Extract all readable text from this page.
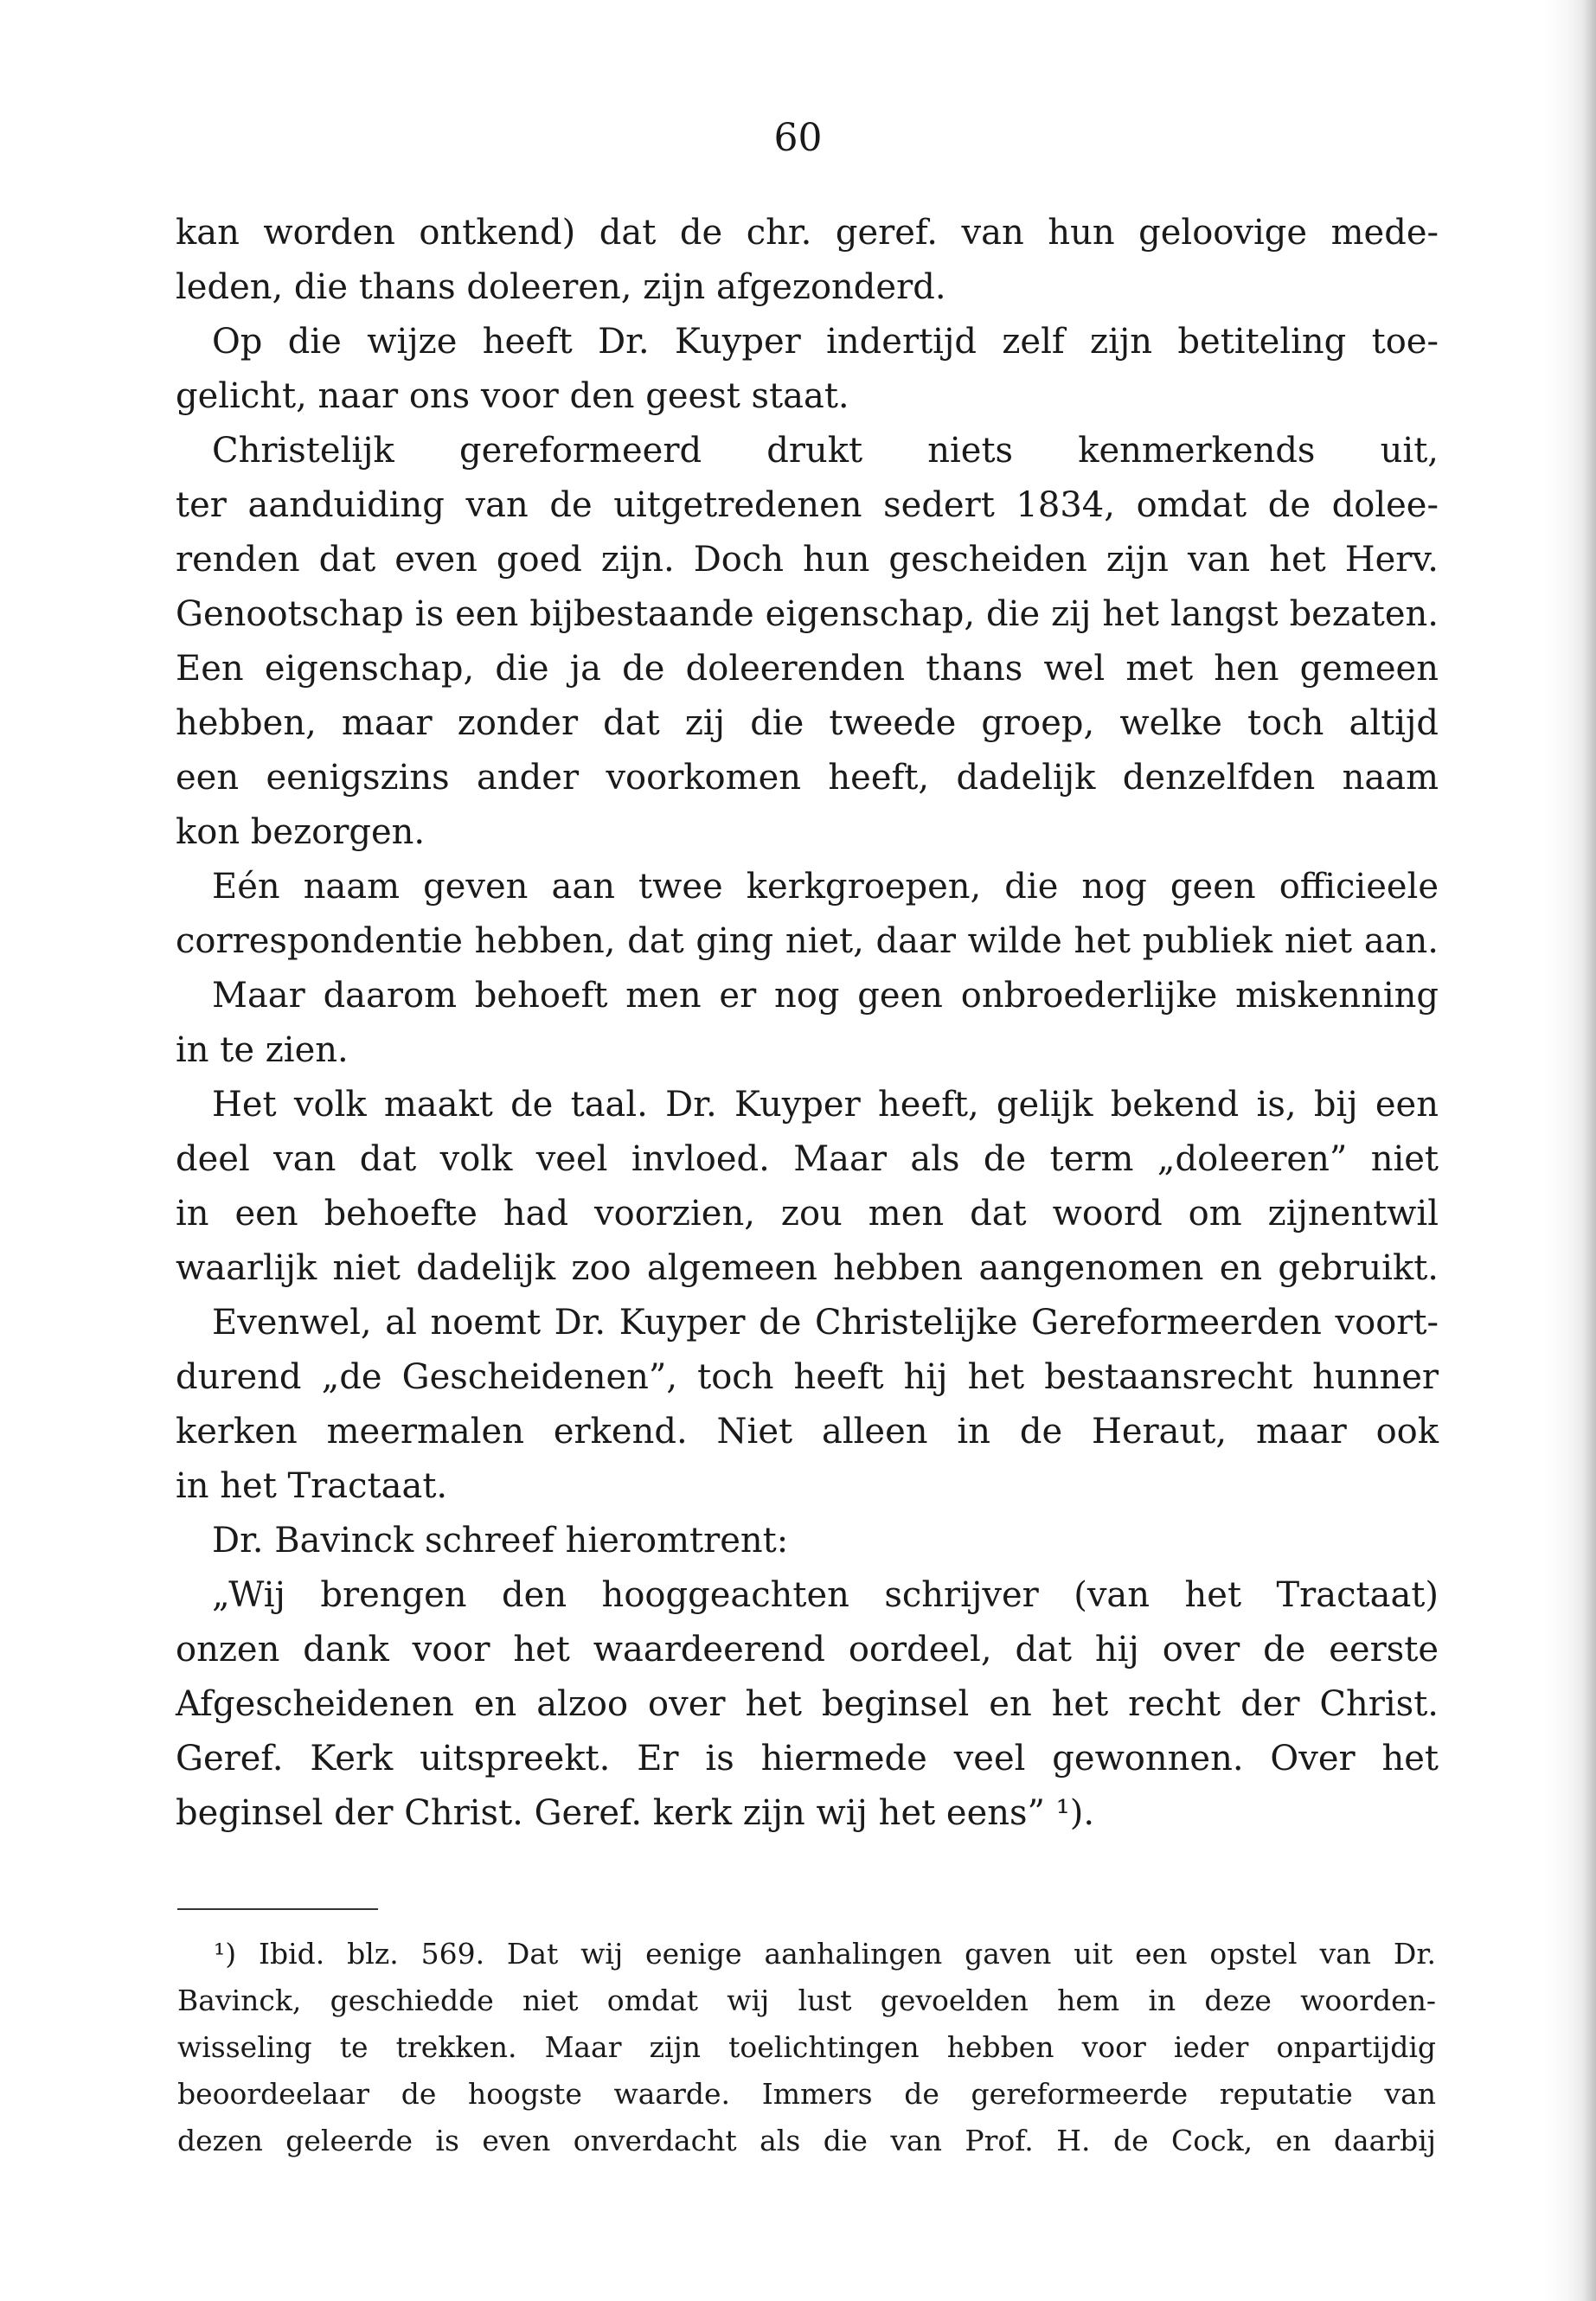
60
kan worden ontkend) dat de chr. geref. van hun geloovige mede-
leden, die thans doleeren, zijn afgezonderd.
Op die wijze heeft Dr. Kuyper indertijd zelf zijn betiteling toe-
gelicht, naar ons voor den geest staat.
Christelijk gereformeerd drukt niets kenmerkends uit,
ter aanduiding van de uitgetredenen sedert 1834, omdat de dolee-
renden dat even goed zijn. Doch hun gescheiden zijn van het Herv.
Genootschap is een bijbestaande eigenschap, die zij het langst bezaten.
Een eigenschap, die ja de doleerenden thans wel met hen gemeen
hebben, maar zonder dat zij die tweede groep, welke toch altijd
een eenigszins ander voorkomen heeft, dadelijk denzelfden naam
kon bezorgen.
Eén naam geven aan twee kerkgroepen, die nog geen officieele
correspondentie hebben, dat ging niet, daar wilde het publiek niet aan.
Maar daarom behoeft men er nog geen onbroederlijke miskenning
in te zien.
Het volk maakt de taal. Dr. Kuyper heeft, gelijk bekend is, bij een
deel van dat volk veel invloed. Maar als de term „doleeren” niet
in een behoefte had voorzien, zou men dat woord om zijnentwil
waarlijk niet dadelijk zoo algemeen hebben aangenomen en gebruikt.
Evenwel, al noemt Dr. Kuyper de Christelijke Gereformeerden voort-
durend „de Gescheidenen”, toch heeft hij het bestaansrecht hunner
kerken meermalen erkend. Niet alleen in de Heraut, maar ook
in het Tractaat.
Dr. Bavinck schreef hieromtrent:
„Wij brengen den hooggeachten schrijver (van het Tractaat)
onzen dank voor het waardeerend oordeel, dat hij over de eerste
Afgescheidenen en alzoo over het beginsel en het recht der Christ.
Geref. Kerk uitspreekt. Er is hiermede veel gewonnen. Over het
beginsel der Christ. Geref. kerk zijn wij het eens” ¹).
¹) Ibid. blz. 569. Dat wij eenige aanhalingen gaven uit een opstel van Dr.
Bavinck, geschiedde niet omdat wij lust gevoelden hem in deze woorden-
wisseling te trekken. Maar zijn toelichtingen hebben voor ieder onpartijdig
beoordeelaar de hoogste waarde. Immers de gereformeerde reputatie van
dezen geleerde is even onverdacht als die van Prof. H. de Cock, en daarbij
